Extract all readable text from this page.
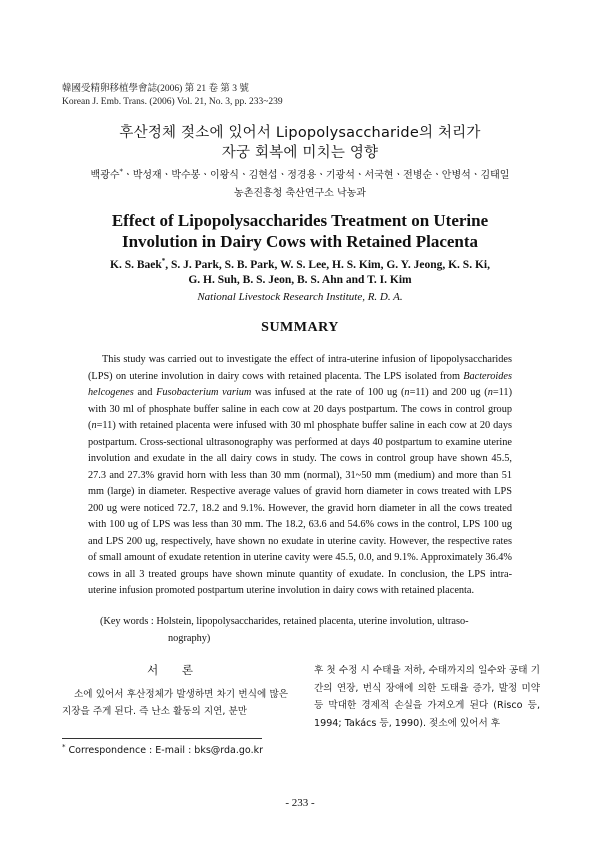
韓國受精卵移植學會誌(2006) 第 21 卷 第 3 號
Korean J. Emb. Trans. (2006) Vol. 21, No. 3, pp. 233~239
후산정체 젖소에 있어서 Lipopolysaccharide의 처리가
자궁 회복에 미치는 영향
백광수*ㆍ박성재ㆍ박수봉ㆍ이왕식ㆍ김현섭ㆍ정경용ㆍ기광석ㆍ서국현ㆍ전병순ㆍ안병석ㆍ김태일
농촌진흥청 축산연구소 낙농과
Effect of Lipopolysaccharides Treatment on Uterine
Involution in Dairy Cows with Retained Placenta
K. S. Baek*, S. J. Park, S. B. Park, W. S. Lee, H. S. Kim, G. Y. Jeong, K. S. Ki,
G. H. Suh, B. S. Jeon, B. S. Ahn and T. I. Kim
National Livestock Research Institute, R. D. A.
SUMMARY

This study was carried out to investigate the effect of intra-uterine infusion of lipopolysaccharides (LPS) on uterine involution in dairy cows with retained placenta. The LPS isolated from Bacteroides helcogenes and Fusobacterium varium was infused at the rate of 100 ug (n=11) and 200 ug (n=11) with 30 ml of phosphate buffer saline in each cow at 20 days postpartum. The cows in control group (n=11) with retained placenta were infused with 30 ml phosphate buffer saline in each cow at 20 days postpartum. Cross-sectional ultrasonography was performed at days 40 postpartum to examine uterine involution and exudate in the all dairy cows in study. The cows in control group have shown 45.5, 27.3 and 27.3% gravid horn with less than 30 mm (normal), 31~50 mm (medium) and more than 51 mm (large) in diameter. Respective average values of gravid horn diameter in cows treated with LPS 200 ug were noticed 72.7, 18.2 and 9.1%. However, the gravid horn diameter in all the cows treated with 100 ug of LPS was less than 30 mm. The 18.2, 63.6 and 54.6% cows in the control, LPS 100 ug and LPS 200 ug, respectively, have shown no exudate in uterine cavity. However, the respective rates of small amount of exudate retention in uterine cavity were 45.5, 0.0, and 9.1%. Approximately 36.4% cows in all 3 treated groups have shown minute quantity of exudate. In conclusion, the LPS intra-uterine infusion promoted postpartum uterine involution in dairy cows with retained placenta.

(Key words : Holstein, lipopolysaccharides, retained placenta, uterine involution, ultraso-
nography)
서 론
소에 있어서 후산정체가 발생하면 차기 번식에 많은 지장을 주게 된다. 즉 난소 활동의 지연, 분만
후 첫 수정 시 수태율 저하, 수태까지의 일수와 공태 기간의 연장, 번식 장애에 의한 도태율 증가, 발정 미약 등 막대한 경제적 손실을 가져오게 된다 (Risco 등, 1994; Takács 등, 1990). 젖소에 있어서 후
* Correspondence : E-mail : bks@rda.go.kr
- 233 -
